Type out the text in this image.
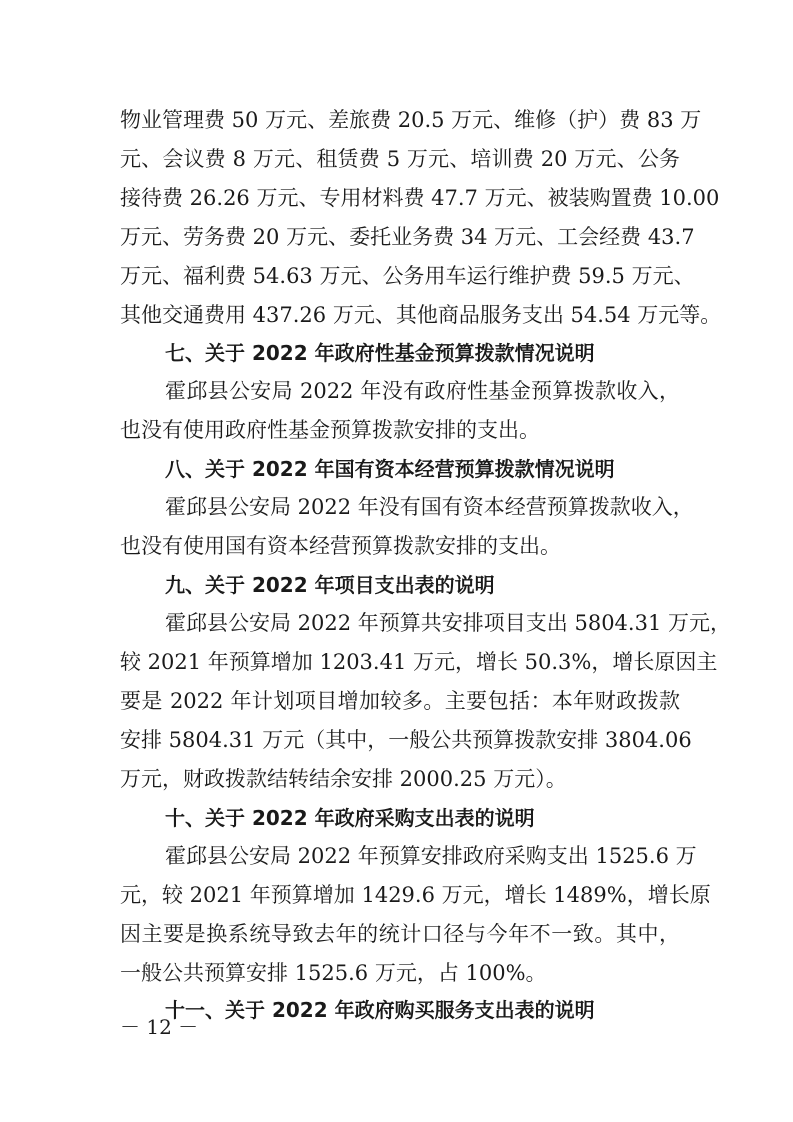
物业管理费 50 万元、差旅费 20.5 万元、维修（护）费 83 万
元、会议费 8 万元、租赁费 5 万元、培训费 20 万元、公务
接待费 26.26 万元、专用材料费 47.7 万元、被装购置费 10.00
万元、劳务费 20 万元、委托业务费 34 万元、工会经费 43.7
万元、福利费 54.63 万元、公务用车运行维护费 59.5 万元、
其他交通费用 437.26 万元、其他商品服务支出 54.54 万元等。
七、关于 2022 年政府性基金预算拨款情况说明
霍邱县公安局 2022 年没有政府性基金预算拨款收入，
也没有使用政府性基金预算拨款安排的支出。
八、关于 2022 年国有资本经营预算拨款情况说明
霍邱县公安局 2022 年没有国有资本经营预算拨款收入，
也没有使用国有资本经营预算拨款安排的支出。
九、关于 2022 年项目支出表的说明
霍邱县公安局 2022 年预算共安排项目支出 5804.31 万元，
较 2021 年预算增加 1203.41 万元，增长 50.3%，增长原因主
要是 2022 年计划项目增加较多。主要包括：本年财政拨款
安排 5804.31 万元（其中，一般公共预算拨款安排 3804.06
万元，财政拨款结转结余安排 2000.25 万元）。
十、关于 2022 年政府采购支出表的说明
霍邱县公安局 2022 年预算安排政府采购支出 1525.6 万
元，较 2021 年预算增加 1429.6 万元，增长 1489%，增长原
因主要是换系统导致去年的统计口径与今年不一致。其中，
一般公共预算安排 1525.6 万元，占 100%。
十一、关于 2022 年政府购买服务支出表的说明
－ 12 －
